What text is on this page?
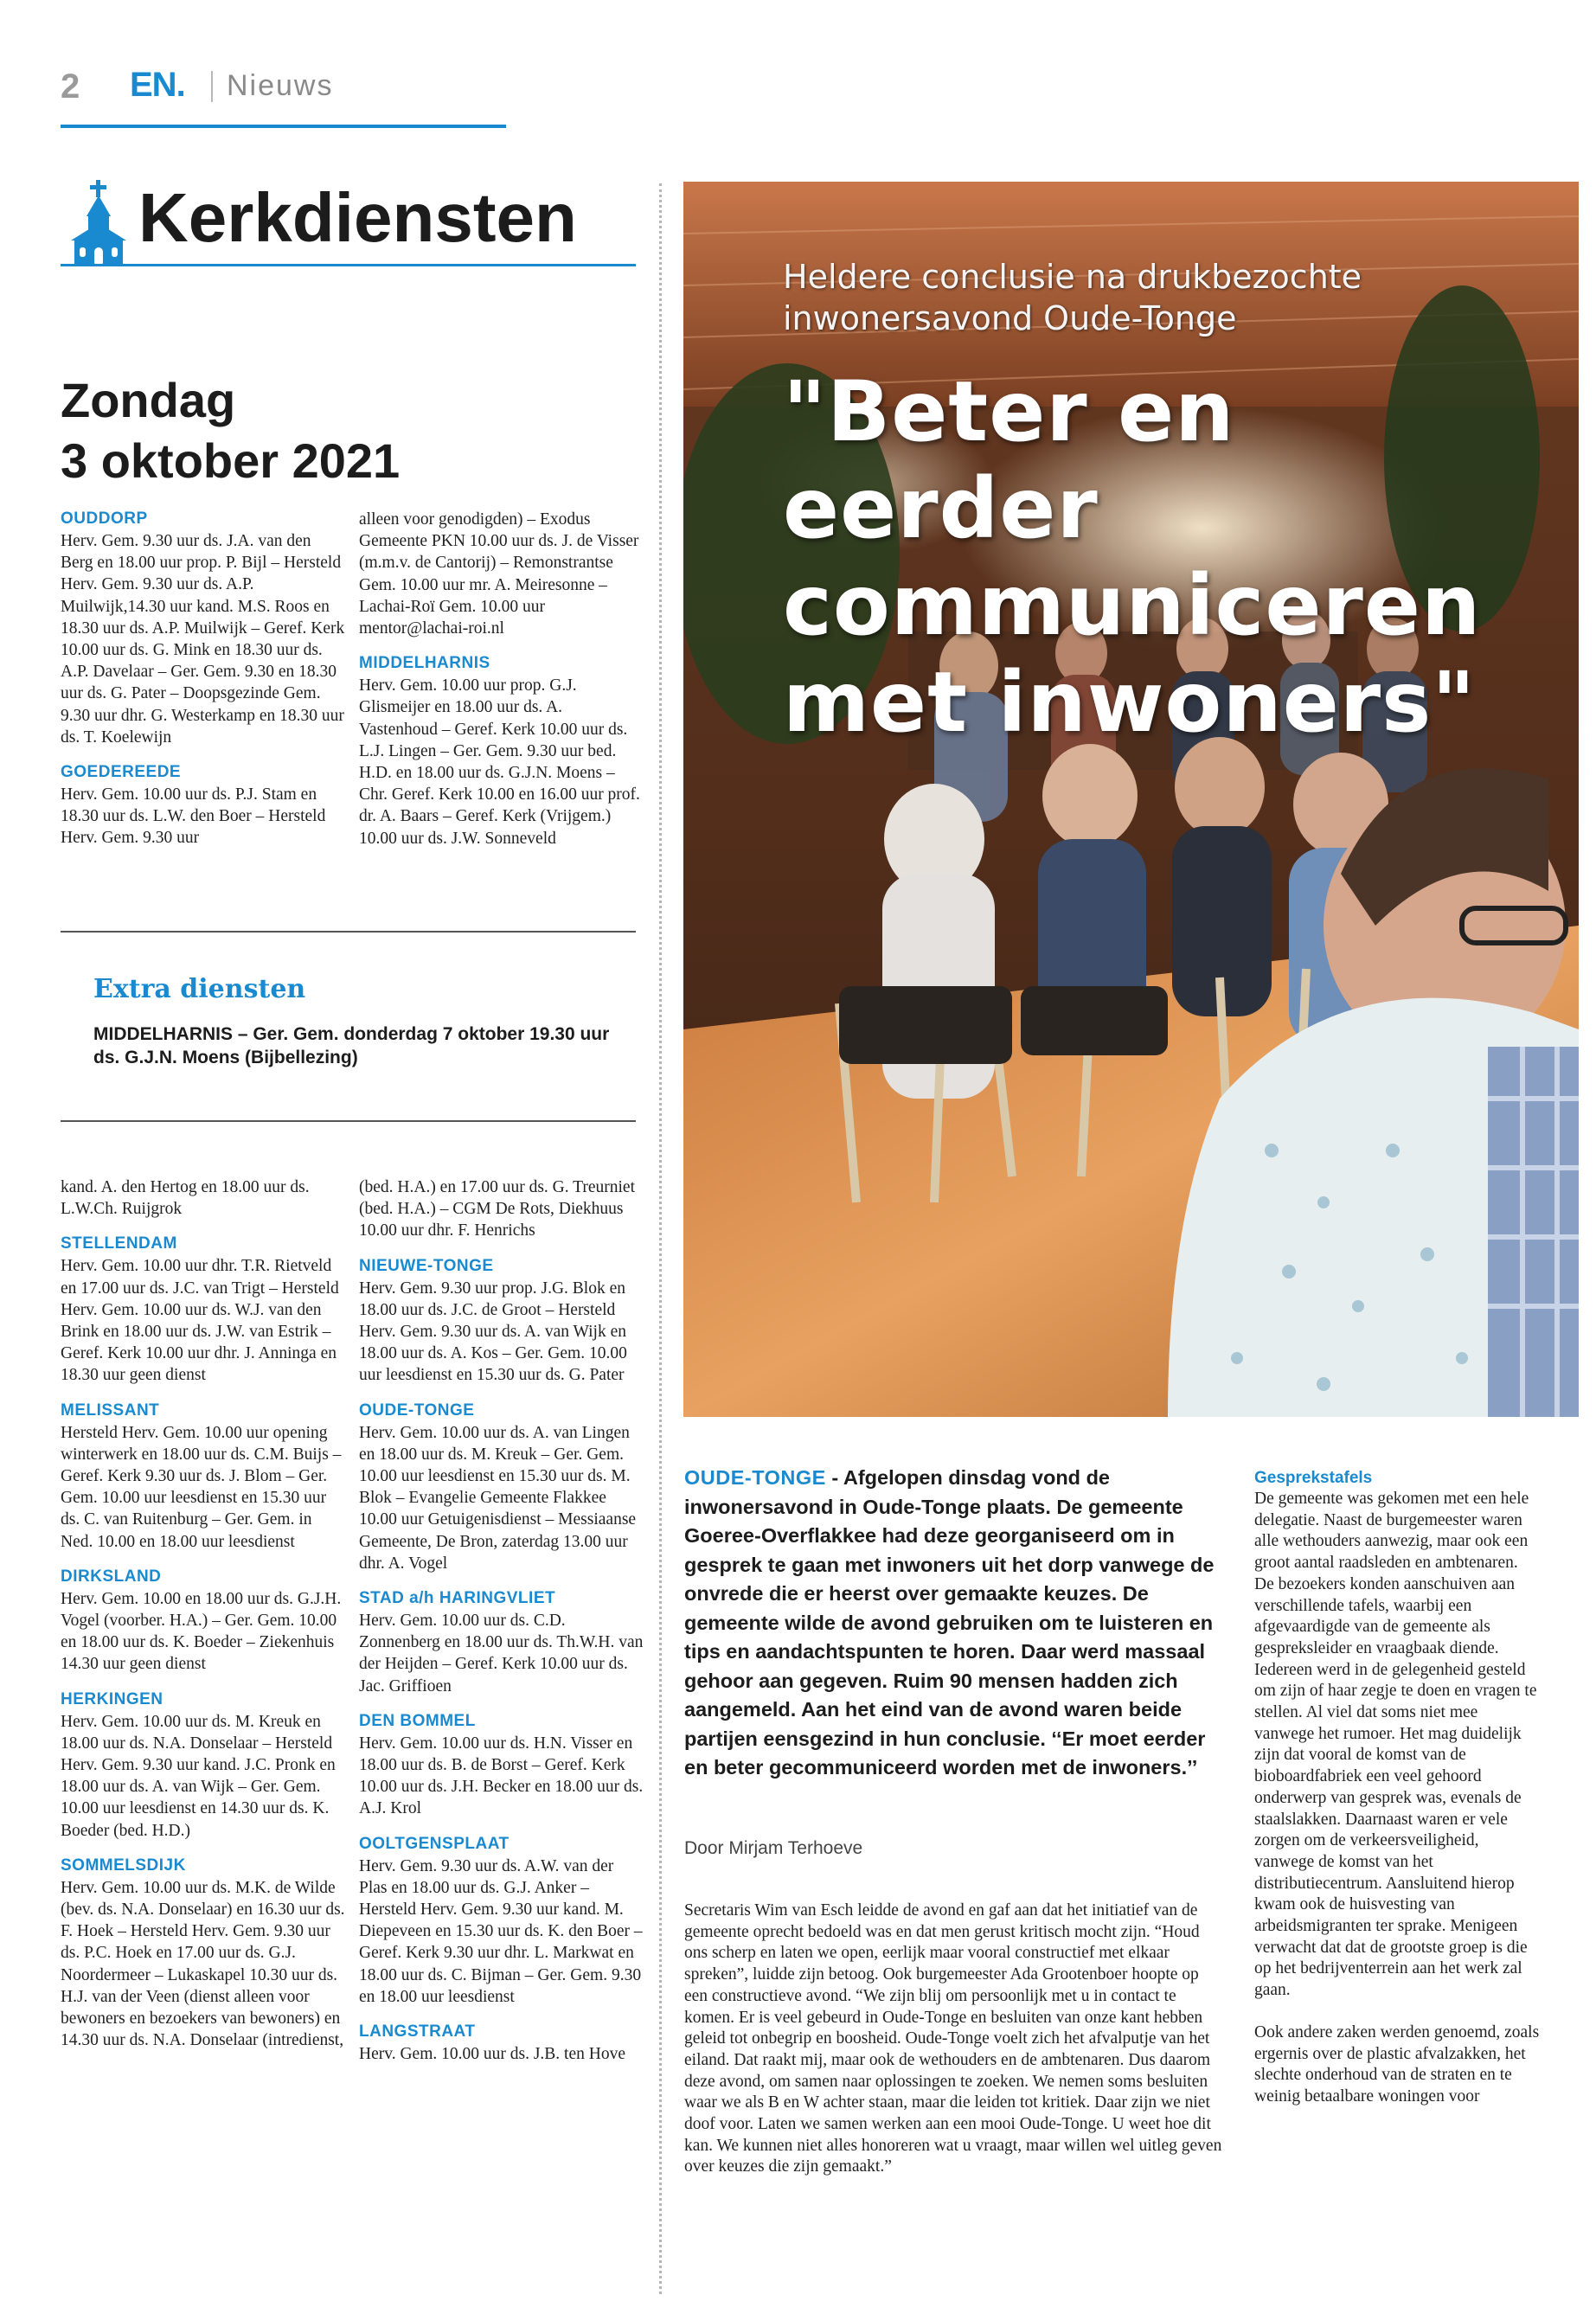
2 EN. Nieuws
Kerkdiensten
Zondag
3 oktober 2021
OUDDORP
Herv. Gem. 9.30 uur ds. J.A. van den Berg en 18.00 uur prop. P. Bijl – Hersteld Herv. Gem. 9.30 uur ds. A.P. Muilwijk,14.30 uur kand. M.S. Roos en 18.30 uur ds. A.P. Muilwijk – Geref. Kerk 10.00 uur ds. G. Mink en 18.30 uur ds. A.P. Davelaar – Ger. Gem. 9.30 en 18.30 uur ds. G. Pater – Doopsgezinde Gem. 9.30 uur dhr. G. Westerkamp en 18.30 uur ds. T. Koelewijn
GOEDEREEDE
Herv. Gem. 10.00 uur ds. P.J. Stam en 18.30 uur ds. L.W. den Boer – Hersteld Herv. Gem. 9.30 uur
alleen voor genodigden) – Exodus Gemeente PKN 10.00 uur ds. J. de Visser (m.m.v. de Cantorij) – Remonstrantse Gem. 10.00 uur mr. A. Meiresonne – Lachai-Roï Gem. 10.00 uur mentor@lachai-roi.nl
MIDDELHARNIS
Herv. Gem. 10.00 uur prop. G.J. Glismeijer en 18.00 uur ds. A. Vastenhoud – Geref. Kerk 10.00 uur ds. L.J. Lingen – Ger. Gem. 9.30 uur bed. H.D. en 18.00 uur ds. G.J.N. Moens – Chr. Geref. Kerk 10.00 en 16.00 uur prof. dr. A. Baars – Geref. Kerk (Vrijgem.) 10.00 uur ds. J.W. Sonneveld
Extra diensten
MIDDELHARNIS – Ger. Gem. donderdag 7 oktober 19.30 uur ds. G.J.N. Moens (Bijbellezing)
kand. A. den Hertog en 18.00 uur ds. L.W.Ch. Ruijgrok
STELLENDAM
Herv. Gem. 10.00 uur dhr. T.R. Rietveld en 17.00 uur ds. J.C. van Trigt – Hersteld Herv. Gem. 10.00 uur ds. W.J. van den Brink en 18.00 uur ds. J.W. van Estrik – Geref. Kerk 10.00 uur dhr. J. Anninga en 18.30 uur geen dienst
MELISSANT
Hersteld Herv. Gem. 10.00 uur opening winterwerk en 18.00 uur ds. C.M. Buijs – Geref. Kerk 9.30 uur ds. J. Blom – Ger. Gem. 10.00 uur leesdienst en 15.30 uur ds. C. van Ruitenburg – Ger. Gem. in Ned. 10.00 en 18.00 uur leesdienst
DIRKSLAND
Herv. Gem. 10.00 en 18.00 uur ds. G.J.H. Vogel (voorber. H.A.) – Ger. Gem. 10.00 en 18.00 uur ds. K. Boeder – Ziekenhuis 14.30 uur geen dienst
HERKINGEN
Herv. Gem. 10.00 uur ds. M. Kreuk en 18.00 uur ds. N.A. Donselaar – Hersteld Herv. Gem. 9.30 uur kand. J.C. Pronk en 18.00 uur ds. A. van Wijk – Ger. Gem. 10.00 uur leesdienst en 14.30 uur ds. K. Boeder (bed. H.D.)
SOMMELSDIJK
Herv. Gem. 10.00 uur ds. M.K. de Wilde (bev. ds. N.A. Donselaar) en 16.30 uur ds. F. Hoek – Hersteld Herv. Gem. 9.30 uur ds. P.C. Hoek en 17.00 uur ds. G.J. Noordermeer – Lukaskapel 10.30 uur ds. H.J. van der Veen (dienst alleen voor bewoners en bezoekers van bewoners) en 14.30 uur ds. N.A. Donselaar (intredienst,
(bed. H.A.) en 17.00 uur ds. G. Treurniet (bed. H.A.) – CGM De Rots, Diekhuus 10.00 uur dhr. F. Henrichs
NIEUWE-TONGE
Herv. Gem. 9.30 uur prop. J.G. Blok en 18.00 uur ds. J.C. de Groot – Hersteld Herv. Gem. 9.30 uur ds. A. van Wijk en 18.00 uur ds. A. Kos – Ger. Gem. 10.00 uur leesdienst en 15.30 uur ds. G. Pater
OUDE-TONGE
Herv. Gem. 10.00 uur ds. A. van Lingen en 18.00 uur ds. M. Kreuk – Ger. Gem. 10.00 uur leesdienst en 15.30 uur ds. M. Blok – Evangelie Gemeente Flakkee 10.00 uur Getuigenisdienst – Messiaanse Gemeente, De Bron, zaterdag 13.00 uur dhr. A. Vogel
STAD a/h HARINGVLIET
Herv. Gem. 10.00 uur ds. C.D. Zonnenberg en 18.00 uur ds. Th.W.H. van der Heijden – Geref. Kerk 10.00 uur ds. Jac. Griffioen
DEN BOMMEL
Herv. Gem. 10.00 uur ds. H.N. Visser en 18.00 uur ds. B. de Borst – Geref. Kerk 10.00 uur ds. J.H. Becker en 18.00 uur ds. A.J. Krol
OOLTGENSPLAAT
Herv. Gem. 9.30 uur ds. A.W. van der Plas en 18.00 uur ds. G.J. Anker – Hersteld Herv. Gem. 9.30 uur kand. M. Diepeveen en 15.30 uur ds. K. den Boer – Geref. Kerk 9.30 uur dhr. L. Markwat en 18.00 uur ds. C. Bijman – Ger. Gem. 9.30 en 18.00 uur leesdienst
LANGSTRAAT
Herv. Gem. 10.00 uur ds. J.B. ten Hove
Heldere conclusie na drukbezochte inwonersavond Oude-Tonge
"Beter en eerder communiceren met inwoners"
OUDE-TONGE - Afgelopen dinsdag vond de inwonersavond in Oude-Tonge plaats. De gemeente Goeree-Overflakkee had deze georganiseerd om in gesprek te gaan met inwoners uit het dorp vanwege de onvrede die er heerst over gemaakte keuzes. De gemeente wilde de avond gebruiken om te luisteren en tips en aandachtspunten te horen. Daar werd massaal gehoor aan gegeven. Ruim 90 mensen hadden zich aangemeld. Aan het eind van de avond waren beide partijen eensgezind in hun conclusie. ‘‘Er moet eerder en beter gecommuniceerd worden met de inwoners.’’
Door Mirjam Terhoeve
Secretaris Wim van Esch leidde de avond en gaf aan dat het initiatief van de gemeente oprecht bedoeld was en dat men gerust kritisch mocht zijn. “Houd ons scherp en laten we open, eerlijk maar vooral constructief met elkaar spreken”, luidde zijn betoog. Ook burgemeester Ada Grootenboer hoopte op een constructieve avond. “We zijn blij om persoonlijk met u in contact te komen. Er is veel gebeurd in Oude-Tonge en besluiten van onze kant hebben geleid tot onbegrip en boosheid. Oude-Tonge voelt zich het afvalputje van het eiland. Dat raakt mij, maar ook de wethouders en de ambtenaren. Dus daarom deze avond, om samen naar oplossingen te zoeken. We nemen soms besluiten waar we als B en W achter staan, maar die leiden tot kritiek. Daar zijn we niet doof voor. Laten we samen werken aan een mooi Oude-Tonge. U weet hoe dit kan. We kunnen niet alles honoreren wat u vraagt, maar willen wel uitleg geven over keuzes die zijn gemaakt.”
Gesprekstafels
De gemeente was gekomen met een hele delegatie. Naast de burgemeester waren alle wethouders aanwezig, maar ook een groot aantal raadsleden en ambtenaren. De bezoekers konden aanschuiven aan verschillende tafels, waarbij een afgevaardigde van de gemeente als gespreksleider en vraagbaak diende. Iedereen werd in de gelegenheid gesteld om zijn of haar zegje te doen en vragen te stellen. Al viel dat soms niet mee vanwege het rumoer. Het mag duidelijk zijn dat vooral de komst van de bioboardfabriek een veel gehoord onderwerp van gesprek was, evenals de staalslakken. Daarnaast waren er vele zorgen om de verkeersveiligheid, vanwege de komst van het distributiecentrum. Aansluitend hierop kwam ook de huisvesting van arbeidsmigranten ter sprake. Menigeen verwacht dat dat de grootste groep is die op het bedrijventerrein aan het werk zal gaan.
Ook andere zaken werden genoemd, zoals ergernis over de plastic afvalzakken, het slechte onderhoud van de straten en te weinig betaalbare woningen voor
